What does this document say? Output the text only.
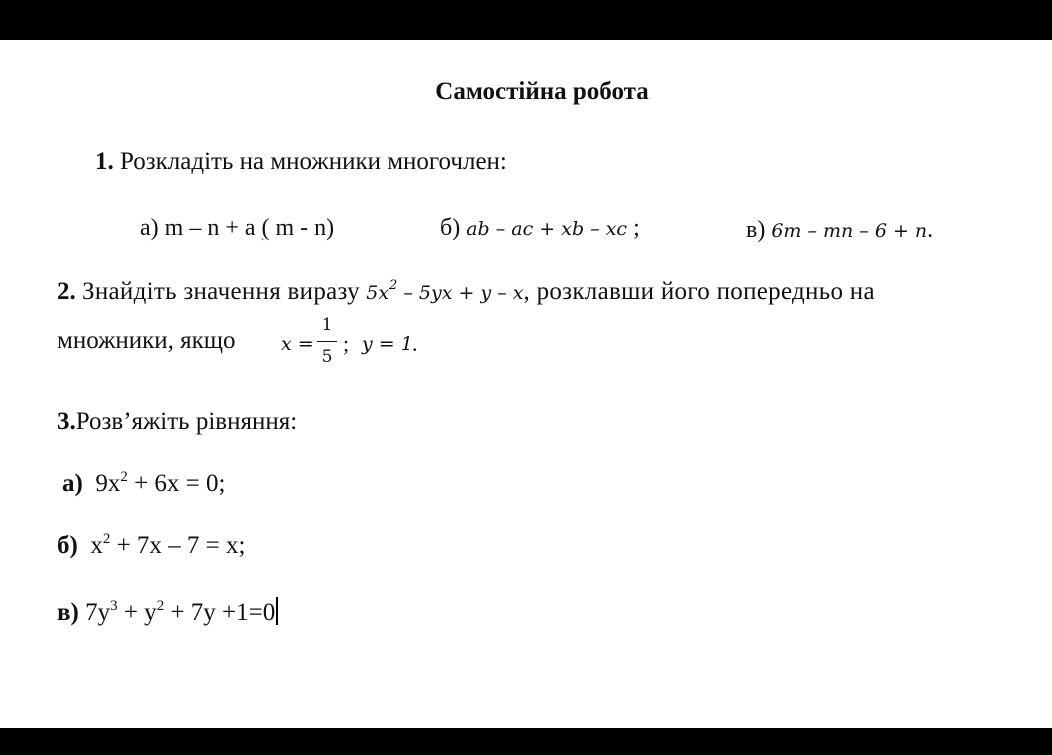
Самостійна робота
1. Розкладіть на множники многочлен:
а) m – n + a ( m - n)	б) ab – ac + xb – xc ;	в) 6m – mn – 6 + n.
2. Знайдіть значення виразу $5x^2 - 5yx + y - x$, розклавши його попередньо на
множники, якщо x =
1
5
; y = 1 .
3.Розв’яжіть рівняння:
а) $9x^2 + 6x = 0$;
б) $x^2 + 7x - 7 = x$;
в) $7y^3 + y^2 + 7y +1=0$
